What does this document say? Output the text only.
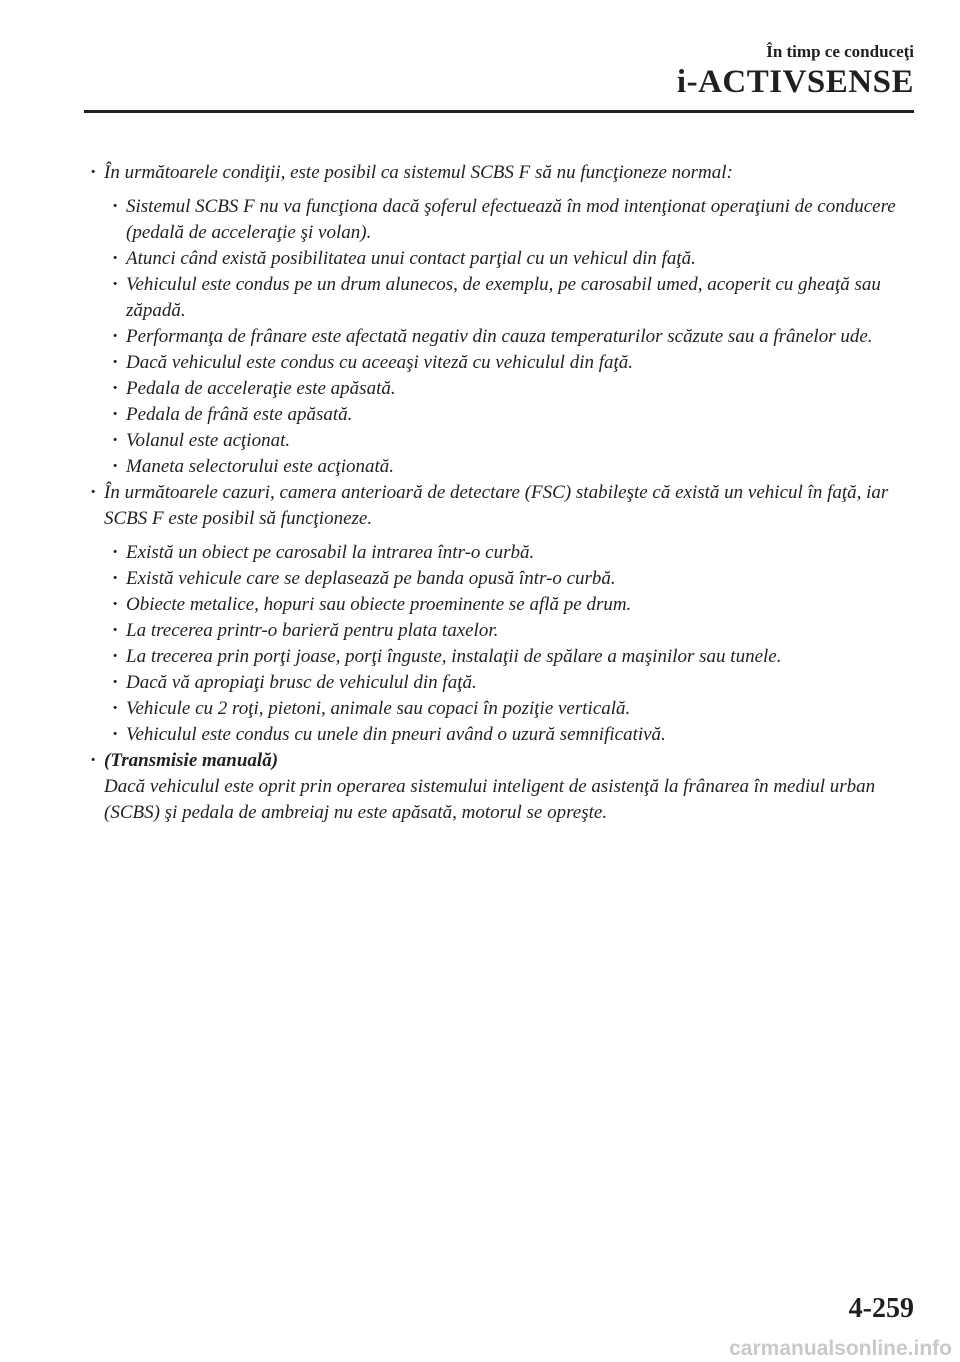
În timp ce conduceţi
i-ACTIVSENSE
· În următoarele condiţii, este posibil ca sistemul SCBS F să nu funcţioneze normal:
· Sistemul SCBS F nu va funcţiona dacă şoferul efectuează în mod intenţionat operaţiuni de conducere (pedală de acceleraţie şi volan).
· Atunci când există posibilitatea unui contact parţial cu un vehicul din faţă.
· Vehiculul este condus pe un drum alunecos, de exemplu, pe carosabil umed, acoperit cu gheaţă sau zăpadă.
· Performanţa de frânare este afectată negativ din cauza temperaturilor scăzute sau a frânelor ude.
· Dacă vehiculul este condus cu aceeaşi viteză cu vehiculul din faţă.
· Pedala de acceleraţie este apăsată.
· Pedala de frână este apăsată.
· Volanul este acţionat.
· Maneta selectorului este acţionată.
· În următoarele cazuri, camera anterioară de detectare (FSC) stabileşte că există un vehicul în faţă, iar SCBS F este posibil să funcţioneze.
· Există un obiect pe carosabil la intrarea într-o curbă.
· Există vehicule care se deplasează pe banda opusă într-o curbă.
· Obiecte metalice, hopuri sau obiecte proeminente se află pe drum.
· La trecerea printr-o barieră pentru plata taxelor.
· La trecerea prin porţi joase, porţi înguste, instalaţii de spălare a maşinilor sau tunele.
· Dacă vă apropiaţi brusc de vehiculul din faţă.
· Vehicule cu 2 roţi, pietoni, animale sau copaci în poziţie verticală.
· Vehiculul este condus cu unele din pneuri având o uzură semnificativă.
· (Transmisie manuală)
Dacă vehiculul este oprit prin operarea sistemului inteligent de asistenţă la frânarea în mediul urban (SCBS) şi pedala de ambreiaj nu este apăsată, motorul se opreşte.
4-259
carmanualsonline.info
